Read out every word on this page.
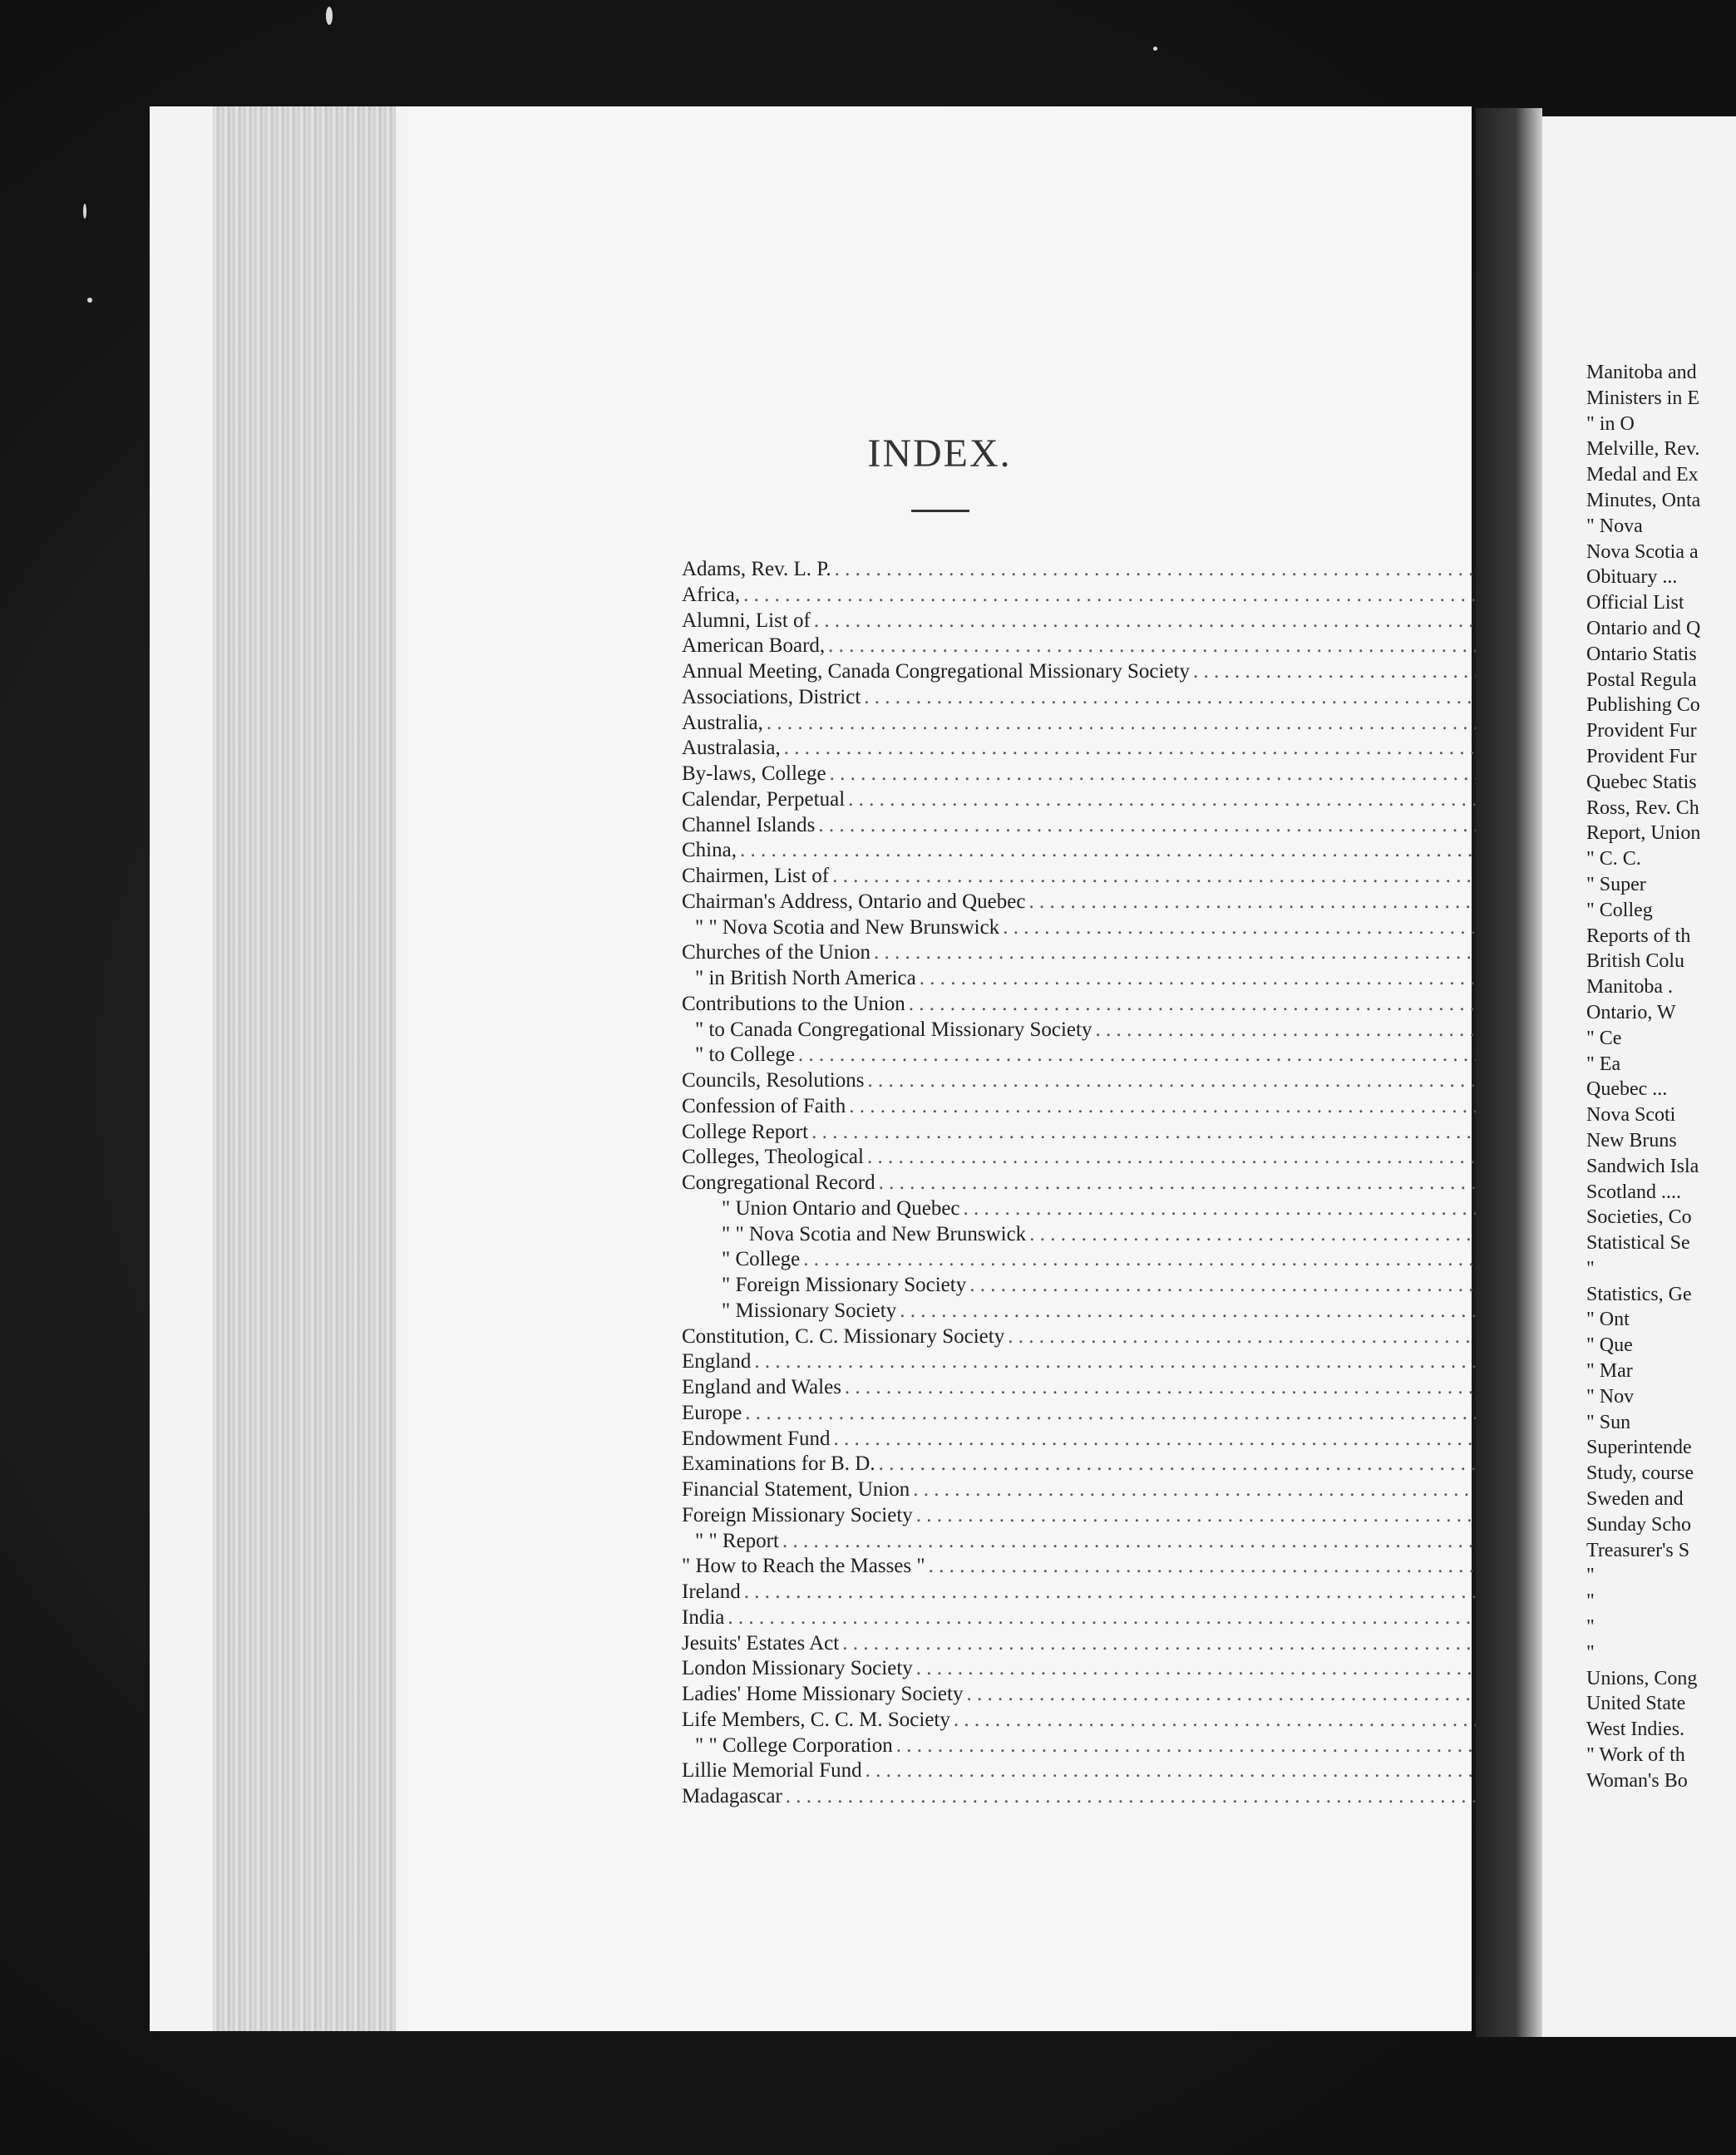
INDEX.
Adams, Rev. L. P.
. . .
Africa,
. . .
Alumni, List of
. . .
American Board,
. . .
Annual Meeting, Canada Congregational Missionary Society
. . .
Associations, District
. . .
Australia,
. . .
Australasia,
. . .
By-laws, College
. . .
Calendar, Perpetual
. . .
Channel Islands
. . .
China,
. . .
Chairmen, List of
. . .
Chairman's Address, Ontario and Quebec
. . .
" " Nova Scotia and New Brunswick
. . .
Churches of the Union
. . .
" in British North America
. . .
Contributions to the Union
. . .
" to Canada Congregational Missionary Society
. . .
" to College
. . .
Councils, Resolutions
. . .
Confession of Faith
. . .
College Report
. . .
Colleges, Theological
. . .
Congregational Record
. . .
" Union Ontario and Quebec
. . .
" " Nova Scotia and New Brunswick
. . .
" College
. . .
" Foreign Missionary Society
. . .
" Missionary Society
. . .
Constitution, C. C. Missionary Society
. . .
England
. . .
England and Wales
. . .
Europe
. . .
Endowment Fund
. . .
Examinations for B. D.
. . .
Financial Statement, Union
. . .
Foreign Missionary Society
. . .
" " Report
. . .
" How to Reach the Masses "
. . .
Ireland
. . .
India
. . .
Jesuits' Estates Act
. . .
London Missionary Society
. . .
Ladies' Home Missionary Society
. . .
Life Members, C. C. M. Society
. . .
" " College Corporation
. . .
Lillie Memorial Fund
. . .
Madagascar
. . .
Manitoba and
Ministers in E
" in O
Melville, Rev.
Medal and Ex
Minutes, Onta
" Nova
Nova Scotia a
Obituary ...
Official List
Ontario and Q
Ontario Statis
Postal Regula
Publishing Co
Provident Fur
Provident Fur
Quebec Statis
Ross, Rev. Ch
Report, Union
" C. C.
" Super
" Colleg
Reports of th
British Colu
Manitoba .
Ontario, W
" Ce
" Ea
Quebec ...
Nova Scoti
New Bruns
Sandwich Isla
Scotland ....
Societies, Co
Statistical Se
"
Statistics, Ge
" Ont
" Que
" Mar
" Nov
" Sun
Superintende
Study, course
Sweden and
Sunday Scho
Treasurer's S
"
"
"
"
Unions, Cong
United State
West Indies.
" Work of th
Woman's Bo
